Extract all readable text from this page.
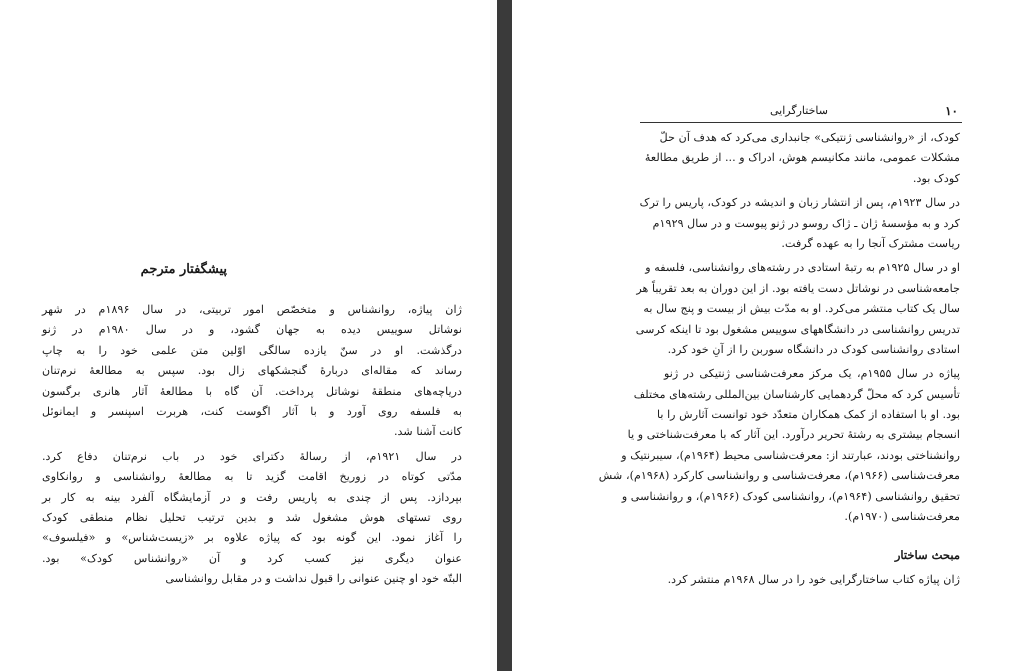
پیشگفتار مترجم
ژان پیاژه، روانشناس و متخصّص امور تربیتی، در سال ۱۸۹۶م در شهر
نوشاتل سوییس دیده به جهان گشود، و در سال ۱۹۸۰م در ژنو
درگذشت. او در سنّ یازده سالگی اوّلین متن علمی خود را به چاپ
رساند که مقاله‌ای دربارهٔ گنجشکهای زال بود. سپس به مطالعهٔ نرم‌تنان
دریاچه‌های منطقهٔ نوشاتل پرداخت. آن گاه با مطالعهٔ آثار هانری برگسون
به فلسفه روی آورد و با آثار اگوست کنت، هربرت اسپنسر و ایمانوئل
کانت آشنا شد.
در سال ۱۹۲۱م، از رسالهٔ دکترای خود در باب نرم‌تنان دفاع کرد.
مدّتی کوتاه در زوریخ اقامت گزید تا به مطالعهٔ روانشناسی و روانکاوی
بپردازد. پس از چندی به پاریس رفت و در آزمایشگاه آلفرد بینه به کار بر
روی تستهای هوش مشغول شد و بدین ترتیب تحلیل نظام منطقی کودک
را آغاز نمود. این گونه بود که پیاژه علاوه بر «زیست‌شناس» و «فیلسوف»
عنوان دیگری نیز کسب کرد و آن «روانشناس کودک» بود.
البتّه خود او چنین عنوانی را قبول نداشت و در مقابل روانشناسی
۱۰
ساختارگرایی
کودک، از «روانشناسی ژنتیکی» جانبداری می‌کرد که هدف آن حلّ
مشکلات عمومی، مانند مکانیسم هوش، ادراک و ... از طریق مطالعهٔ
کودک بود.
در سال ۱۹۲۳م، پس از انتشار زبان و اندیشه در کودک، پاریس را ترک
کرد و به مؤسسهٔ ژان ـ ژاک روسو در ژنو پیوست و در سال ۱۹۲۹م
ریاست مشترک آنجا را به عهده گرفت.
او در سال ۱۹۲۵م به رتبهٔ استادی در رشته‌های روانشناسی، فلسفه و
جامعه‌شناسی در نوشاتل دست یافته بود. از این دوران به بعد تقریباً هر
سال یک کتاب منتشر می‌کرد. او به مدّت بیش از بیست و پنج سال به
تدریس روانشناسی در دانشگاههای سوییس مشغول بود تا اینکه کرسی
استادی روانشناسی کودک در دانشگاه سوربن را از آنِ خود کرد.
پیاژه در سال ۱۹۵۵م، یک مرکز معرفت‌شناسی ژنتیکی در ژنو
تأسیس کرد که محلّ گردهمایی کارشناسان بین‌المللی رشته‌های مختلف
بود. او با استفاده از کمک همکاران متعدّد خود توانست آثارش را با
انسجام بیشتری به رشتهٔ تحریر درآورد. این آثار که با معرفت‌شناختی و یا
روانشناختی بودند، عبارتند از: معرفت‌شناسی محیط (۱۹۶۴م)، سیبرنتیک و
معرفت‌شناسی (۱۹۶۶م)، معرفت‌شناسی و روانشناسی کارکرد (۱۹۶۸م)، شش
تحقیق روانشناسی (۱۹۶۴م)، روانشناسی کودک (۱۹۶۶م)، و روانشناسی و
معرفت‌شناسی (۱۹۷۰م).
مبحث ساختار
ژان پیاژه کتاب ساختارگرایی خود را در سال ۱۹۶۸م منتشر کرد.
